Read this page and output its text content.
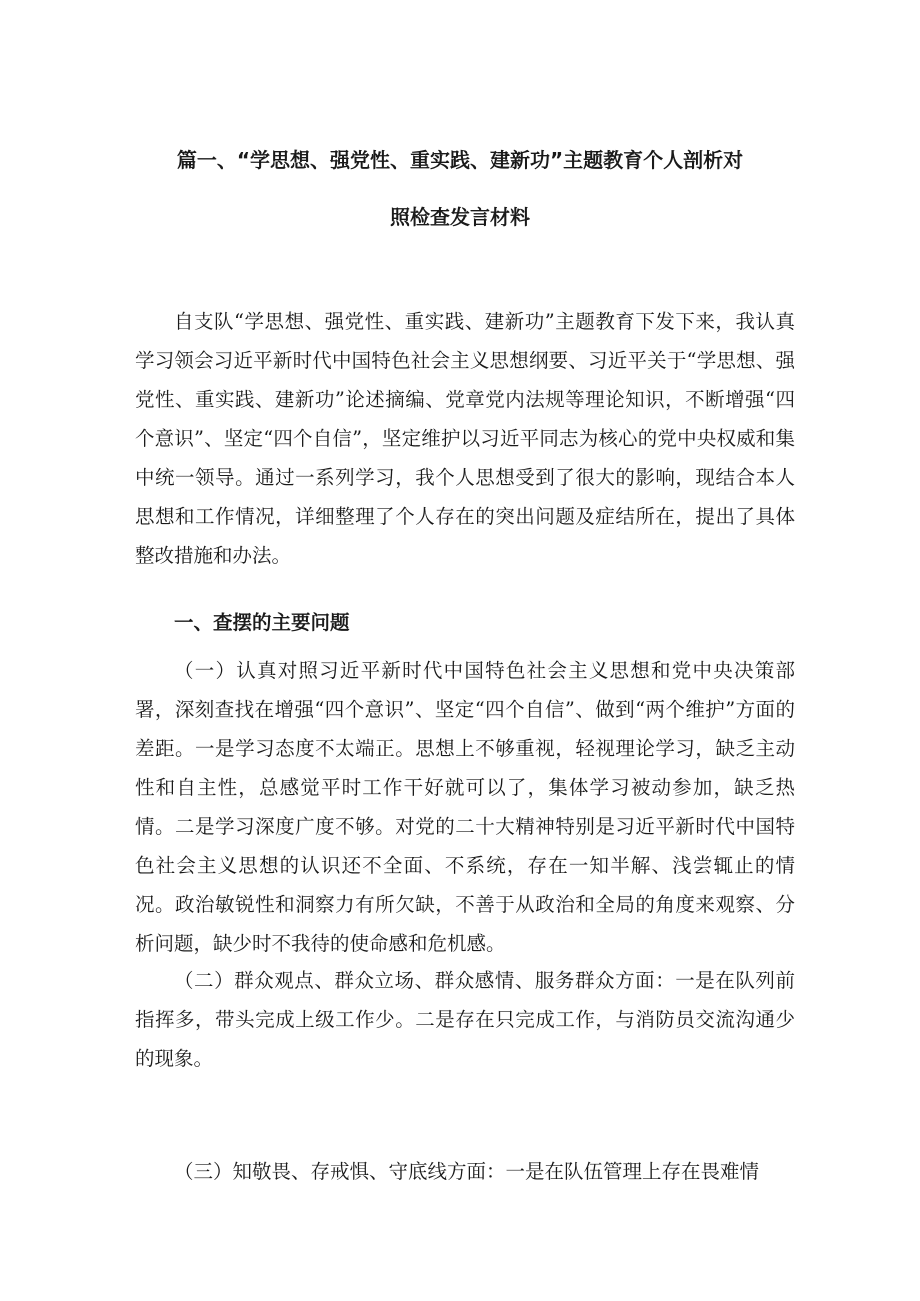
篇一、“学思想、强党性、重实践、建新功”主题教育个人剖析对
照检查发言材料

自支队“学思想、强党性、重实践、建新功”主题教育下发下来，我认真学习领会习近平新时代中国特色社会主义思想纲要、习近平关于“学思想、强党性、重实践、建新功”论述摘编、党章党内法规等理论知识，不断增强“四个意识”、坚定“四个自信”，坚定维护以习近平同志为核心的党中央权威和集中统一领导。通过一系列学习，我个人思想受到了很大的影响，现结合本人思想和工作情况，详细整理了个人存在的突出问题及症结所在，提出了具体整改措施和办法。

一、查摆的主要问题

（一）认真对照习近平新时代中国特色社会主义思想和党中央决策部署，深刻查找在增强“四个意识”、坚定“四个自信”、做到“两个维护”方面的差距。一是学习态度不太端正。思想上不够重视，轻视理论学习，缺乏主动性和自主性，总感觉平时工作干好就可以了，集体学习被动参加，缺乏热情。二是学习深度广度不够。对党的二十大精神特别是习近平新时代中国特色社会主义思想的认识还不全面、不系统，存在一知半解、浅尝辄止的情况。政治敏锐性和洞察力有所欠缺，不善于从政治和全局的角度来观察、分析问题，缺少时不我待的使命感和危机感。

（二）群众观点、群众立场、群众感情、服务群众方面：一是在队列前指挥多，带头完成上级工作少。二是存在只完成工作，与消防员交流沟通少的现象。

（三）知敬畏、存戒惧、守底线方面：一是在队伍管理上存在畏难情
